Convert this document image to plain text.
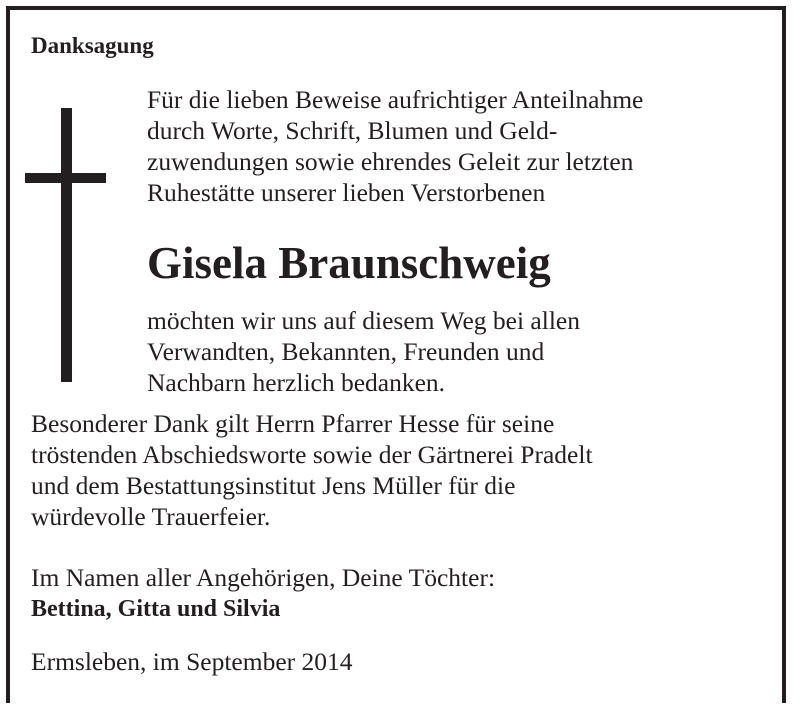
Danksagung
Für die lieben Beweise aufrichtiger Anteilnahme
durch Worte, Schrift, Blumen und Geld-
zuwendungen sowie ehrendes Geleit zur letzten
Ruhestätte unserer lieben Verstorbenen
Gisela Braunschweig
möchten wir uns auf diesem Weg bei allen
Verwandten, Bekannten, Freunden und
Nachbarn herzlich bedanken.
Besonderer Dank gilt Herrn Pfarrer Hesse für seine
tröstenden Abschiedsworte sowie der Gärtnerei Pradelt
und dem Bestattungsinstitut Jens Müller für die
würdevolle Trauerfeier.
Im Namen aller Angehörigen, Deine Töchter:
Bettina, Gitta und Silvia
Ermsleben, im September 2014
